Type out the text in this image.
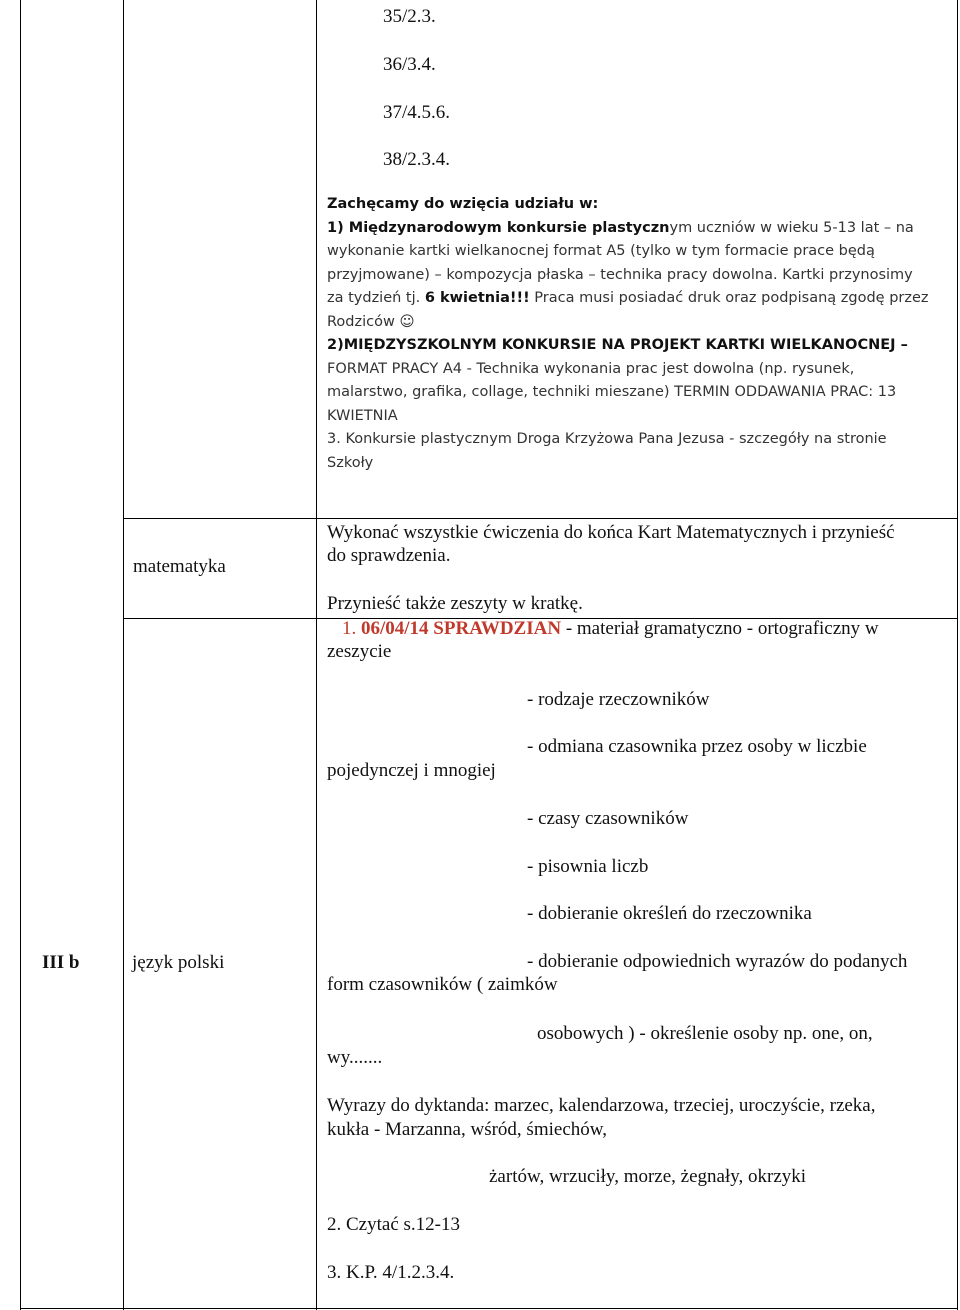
35/2.3.
36/3.4.
37/4.5.6.
38/2.3.4.
Zachęcamy do wzięcia udziału w:
1) Międzynarodowym konkursie plastycznym uczniów w wieku 5-13 lat – na
wykonanie kartki wielkanocnej format A5 (tylko w tym formacie prace będą
przyjmowane) – kompozycja płaska – technika pracy dowolna. Kartki przynosimy
za tydzień tj. 6 kwietnia!!! Praca musi posiadać druk oraz podpisaną zgodę przez
Rodziców ☺
2)MIĘDZYSZKOLNYM KONKURSIE NA PROJEKT KARTKI WIELKANOCNEJ –
FORMAT PRACY A4 - Technika wykonania prac jest dowolna (np. rysunek,
malarstwo, grafika, collage, techniki mieszane) TERMIN ODDAWANIA PRAC: 13
KWIETNIA
3. Konkursie plastycznym Droga Krzyżowa Pana Jezusa - szczegóły na stronie
Szkoły
matematyka
Wykonać wszystkie ćwiczenia do końca Kart Matematycznych i przynieść
do sprawdzenia.
Przynieść także zeszyty w kratkę.
III b	język polski
1. 06/04/14 SPRAWDZIAN - materiał gramatyczno - ortograficzny w
zeszycie
- rodzaje rzeczowników
- odmiana czasownika przez osoby w liczbie
pojedynczej i mnogiej
- czasy czasowników
- pisownia liczb
- dobieranie określeń do rzeczownika
- dobieranie odpowiednich wyrazów do podanych
form czasowników ( zaimków
osobowych ) - określenie osoby np. one, on,
wy.......
Wyrazy do dyktanda: marzec, kalendarzowa, trzeciej, uroczyście, rzeka,
kukła - Marzanna, wśród, śmiechów,
żartów, wrzuciły, morze, żegnały, okrzyki
2. Czytać s.12-13
3. K.P. 4/1.2.3.4.
